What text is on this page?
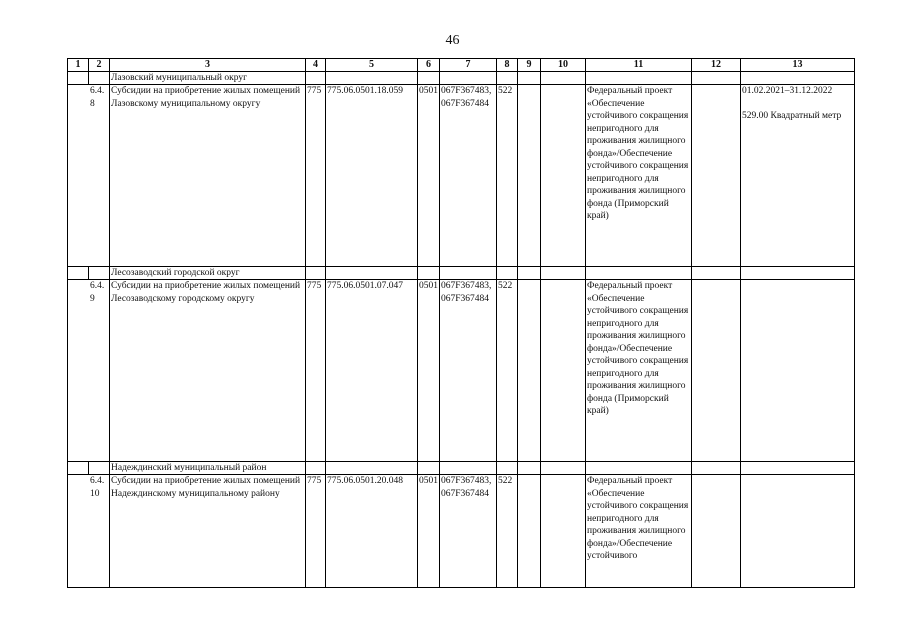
46
1	2	3	4	5	6	7	8	9	10	11	12	13
		Лазовский муниципальный округ										
6.4.8		Субсидии на приобретение жилых помещений Лазовскому муниципальному округу	775	775.06.0501.18.059	0501	067F367483, 067F367484	522			Федеральный проект «Обеспечение устойчивого сокращения непригодного для проживания жилищного фонда»/Обеспечение устойчивого сокращения непригодного для проживания жилищного фонда (Приморский край)		01.02.2021–31.12.2022
529.00 Квадратный метр

		Лесозаводский городской округ										
6.4.9		Субсидии на приобретение жилых помещений Лесозаводскому городскому округу	775	775.06.0501.07.047	0501	067F367483, 067F367484	522			Федеральный проект «Обеспечение устойчивого сокращения непригодного для проживания жилищного фонда»/Обеспечение устойчивого сокращения непригодного для проживания жилищного фонда (Приморский край)		
		Надеждинский муниципальный район										
6.4.10		Субсидии на приобретение жилых помещений Надеждинскому муниципальному району	775	775.06.0501.20.048	0501	067F367483, 067F367484	522			Федеральный проект «Обеспечение устойчивого сокращения непригодного для проживания жилищного фонда»/Обеспечение устойчивого		
